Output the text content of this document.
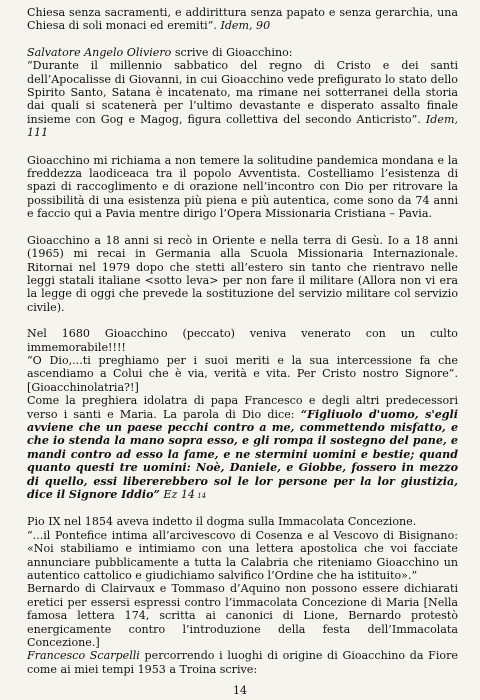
Chiesa senza sacramenti, e addirittura senza papato e senza gerarchia, una Chiesa di soli monaci ed eremiti”. Idem, 90

Salvatore Angelo Oliviero scrive di Gioacchino:
“Durante il millennio sabbatico del regno di Cristo e dei santi dell’Apocalisse di Giovanni, in cui Gioacchino vede prefigurato lo stato dello Spirito Santo, Satana è incatenato, ma rimane nei sotterranei della storia dai quali si scatenerà per l’ultimo devastante e disperato assalto finale insieme con Gog e Magog, figura collettiva del secondo Anticristo”. Idem, 111

Gioacchino mi richiama a non temere la solitudine pandemica mondana e la freddezza laodiceaca tra il popolo Avventista. Costelliamo l’esistenza di spazi di raccoglimento e di orazione nell’incontro con Dio per ritrovare la possibilità di una esistenza più piena e più autentica, come sono da 74 anni e faccio qui a Pavia mentre dirigo l’Opera Missionaria Cristiana – Pavia.

Gioacchino a 18 anni si recò in Oriente e nella terra di Gesù. Io a 18 anni (1965) mi recai in Germania alla Scuola Missionaria Internazionale. Ritornai nel 1979 dopo che stetti all’estero sin tanto che rientravo nelle leggi statali italiane <sotto leva> per non fare il militare (Allora non vi era la legge di oggi che prevede la sostituzione del servizio militare col servizio civile).

Nel 1680 Gioacchino (peccato) veniva venerato con un culto immemorabile!!!!
“O Dio,...ti preghiamo per i suoi meriti e la sua intercessione fa che ascendiamo a Colui che è via, verità e vita. Per Cristo nostro Signore”. [Gioacchinolatria?!]
Come la preghiera idolatra di papa Francesco e degli altri predecessori verso i santi e Maria. La parola di Dio dice: “Figliuolo d'uomo, s'egli avviene che un paese pecchi contro a me, commettendo misfatto, e che io stenda la mano sopra esso, e gli rompa il sostegno del pane, e mandi contro ad esso la fame, e ne stermini uomini e bestie; quand quanto questi tre uomini: Noè, Daniele, e Giobbe, fossero in mezzo di quello, essi libererebbero sol le lor persone per la lor giustizia, dice il Signore Iddio” Ez 14 14

Pio IX nel 1854 aveva indetto il dogma sulla Immacolata Concezione.
“...il Pontefice intima all’arcivescovo di Cosenza e al Vescovo di Bisignano: «Noi stabiliamo e intimiamo con una lettera apostolica che voi facciate annunciare pubblicamente a tutta la Calabria che riteniamo Gioacchino un autentico cattolico e giudichiamo salvifico l’Ordine che ha istituito».”
Bernardo di Clairvaux e Tommaso d’Aquino non possono essere dichiarati eretici per essersi espressi contro l’immacolata Concezione di Maria [Nella famosa lettera 174, scritta ai canonici di Lione, Bernardo protestò energicamente contro l’introduzione della festa dell’Immacolata Concezione.]
Francesco Scarpelli percorrendo i luoghi di origine di Gioacchino da Fiore come ai miei tempi 1953 a Troina scrive:

14
